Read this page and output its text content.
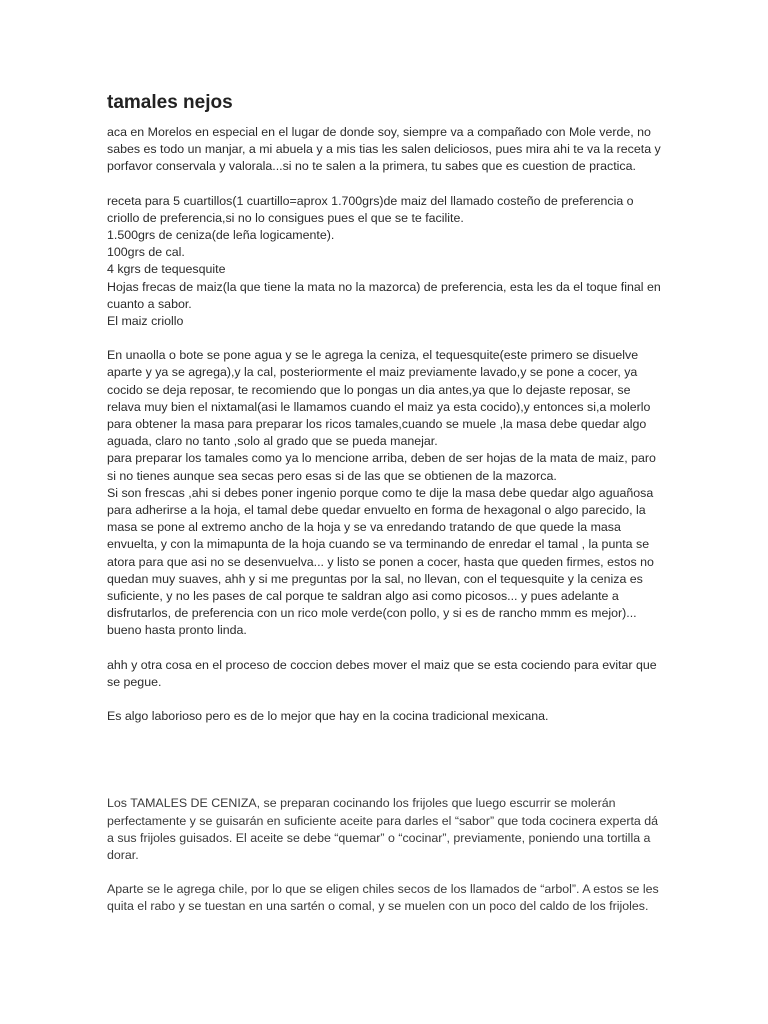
tamales nejos

aca en Morelos en especial en el lugar de donde soy, siempre va a compañado con Mole verde, no sabes es todo un manjar, a mi abuela y a mis tias les salen deliciosos, pues mira ahi te va la receta y porfavor conservala y valorala...si no te salen a la primera, tu sabes que es cuestion de practica.

receta para 5 cuartillos(1 cuartillo=aprox 1.700grs)de maiz del llamado costeño de preferencia o criollo de preferencia,si no lo consigues pues el que se te facilite.
1.500grs de ceniza(de leña logicamente).
100grs de cal.
4 kgrs de tequesquite
Hojas frecas de maiz(la que tiene la mata no la mazorca) de preferencia, esta les da el toque final en cuanto a sabor.
El maiz criollo

En unaolla o bote se pone agua y se le agrega la ceniza, el tequesquite(este primero se disuelve aparte y ya se agrega),y la cal, posteriormente el maiz previamente lavado,y se pone a cocer, ya cocido se deja reposar, te recomiendo que lo pongas un dia antes,ya que lo dejaste reposar, se relava muy bien el nixtamal(asi le llamamos cuando el maiz ya esta cocido),y entonces si,a molerlo para obtener la masa para preparar los ricos tamales,cuando se muele ,la masa debe quedar algo aguada, claro no tanto ,solo al grado que se pueda manejar.
para preparar los tamales como ya lo mencione arriba, deben de ser hojas de la mata de maiz, paro si no tienes aunque sea secas pero esas si de las que se obtienen de la mazorca.
Si son frescas ,ahi si debes poner ingenio porque como te dije la masa debe quedar algo aguañosa para adherirse a la hoja, el tamal debe quedar envuelto en forma de hexagonal o algo parecido, la masa se pone al extremo ancho de la hoja y se va enredando tratando de que quede la masa envuelta, y con la mimapunta de la hoja cuando se va terminando de enredar el tamal , la punta se atora para que asi no se desenvuelva... y listo se ponen a cocer, hasta que queden firmes, estos no quedan muy suaves, ahh y si me preguntas por la sal, no llevan, con el tequesquite y la ceniza es suficiente, y no les pases de cal porque te saldran algo asi como picosos... y pues adelante a disfrutarlos, de preferencia con un rico mole verde(con pollo, y si es de rancho mmm es mejor)... bueno hasta pronto linda.

ahh y otra cosa en el proceso de coccion debes mover el maiz que se esta cociendo para evitar que se pegue.

Es algo laborioso pero es de lo mejor que hay en la cocina tradicional mexicana.

Los TAMALES DE CENIZA, se preparan cocinando los frijoles que luego escurrir se molerán perfectamente y se guisarán en suficiente aceite para darles el “sabor” que toda cocinera experta dá a sus frijoles guisados. El aceite se debe “quemar” o “cocinar”, previamente, poniendo una tortilla a dorar.

Aparte se le agrega chile, por lo que se eligen chiles secos de los llamados de “arbol”. A estos se les quita el rabo y se tuestan en una sartén o comal, y se muelen con un poco del caldo de los frijoles.
